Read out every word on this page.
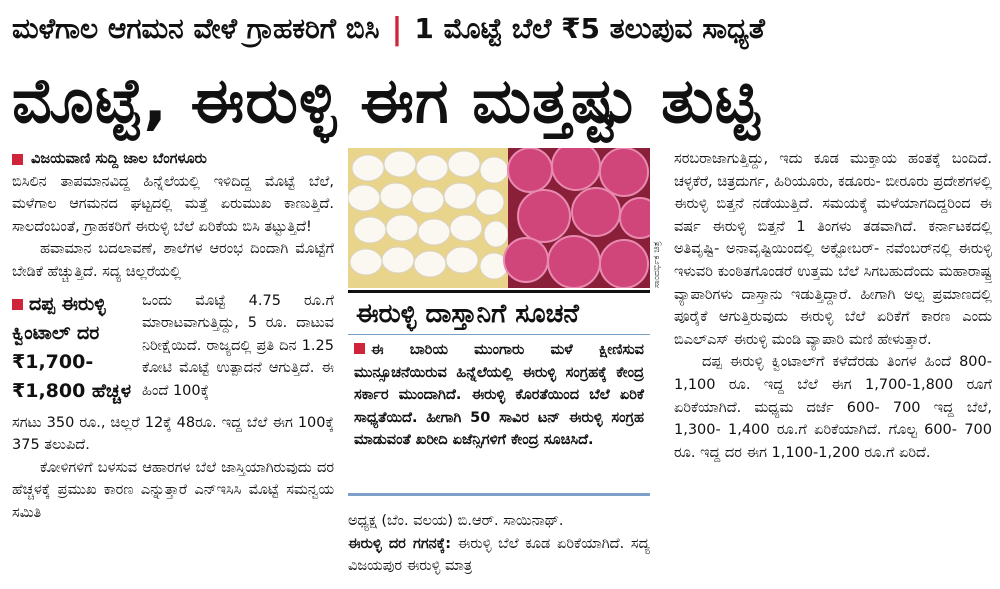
ಮಳೆಗಾಲ ಆಗಮನ ವೇಳೆ ಗ್ರಾಹಕರಿಗೆ ಬಿಸಿ | 1 ಮೊಟ್ಟೆ ಬೆಲೆ ₹5 ತಲುಪುವ ಸಾಧ್ಯತೆ
ಮೊಟ್ಟೆ, ಈರುಳ್ಳಿ ಈಗ ಮತ್ತಷ್ಟು ತುಟ್ಟಿ
ವಿಜಯವಾಣಿ ಸುದ್ದಿ ಜಾಲ ಬೆಂಗಳೂರು

ಬಿಸಿಲಿನ ತಾಪಮಾನವಿದ್ದ ಹಿನ್ನೆಲೆಯಲ್ಲಿ ಇಳಿದಿದ್ದ ಮೊಟ್ಟೆ ಬೆಲೆ, ಮಳೆಗಾಲ ಆಗಮನದ ಘಟ್ಟದಲ್ಲಿ ಮತ್ತೆ ಏರುಮುಖ ಕಾಣುತ್ತಿದೆ. ಸಾಲದೆಂಬಂತೆ, ಗ್ರಾಹಕರಿಗೆ ಈರುಳ್ಳಿ ಬೆಲೆ ಏರಿಕೆಯ ಬಿಸಿ ತಟ್ಟುತ್ತಿದೆ!

ಹವಾಮಾನ ಬದಲಾವಣೆ, ಶಾಲೆಗಳ ಆರಂಭ ದಿಂದಾಗಿ ಮೊಟ್ಟೆಗೆ ಬೇಡಿಕೆ ಹೆಚ್ಚುತ್ತಿದೆ. ಸದ್ಯ ಚಿಲ್ಲರೆಯಲ್ಲಿ

ದಪ್ಪ ಈರುಳ್ಳಿ ಕ್ವಿಂಟಾಲ್ ದರ ₹1,700- ₹1,800 ಹೆಚ್ಚಳ
ಒಂದು ಮೊಟ್ಟೆ 4.75 ರೂ.ಗೆ ಮಾರಾಟವಾಗುತ್ತಿದ್ದು, 5 ರೂ. ದಾಟುವ ನಿರೀಕ್ಷೆಯಿದೆ. ರಾಜ್ಯದಲ್ಲಿ ಪ್ರತಿ ದಿನ 1.25 ಕೋಟಿ ಮೊಟ್ಟೆ ಉತ್ಪಾದನೆ ಆಗುತ್ತಿದೆ. ಈ ಹಿಂದೆ 100ಕ್ಕೆ

ಸಗಟು 350 ರೂ., ಚಿಲ್ಲರೆ 12ಕ್ಕೆ 48ರೂ. ಇದ್ದ ಬೆಲೆ ಈಗ 100ಕ್ಕೆ 375 ತಲುಪಿದೆ.

ಕೋಳಿಗಳಿಗೆ ಬಳಸುವ ಆಹಾರಗಳ ಬೆಲೆ ಜಾಸ್ತಿಯಾಗಿರುವುದು ದರ ಹೆಚ್ಚಳಕ್ಕೆ ಪ್ರಮುಖ ಕಾರಣ ಎನ್ನುತ್ತಾರೆ ಎನ್‌ಇಸಿಸಿ ಮೊಟ್ಟೆ ಸಮನ್ವಯ ಸಮಿತಿ

ಸಾಂದರ್ಭಿಕ ಚಿತ್ರ
ಈರುಳ್ಳಿ ದಾಸ್ತಾನಿಗೆ ಸೂಚನೆ
ಈ ಬಾರಿಯ ಮುಂಗಾರು ಮಳೆ ಕ್ಷೀಣಿಸುವ ಮುನ್ಸೂಚನೆಯಿರುವ ಹಿನ್ನೆಲೆಯಲ್ಲಿ ಈರುಳ್ಳಿ ಸಂಗ್ರಹಕ್ಕೆ ಕೇಂದ್ರ ಸರ್ಕಾರ ಮುಂದಾಗಿದೆ. ಈರುಳ್ಳಿ ಕೊರತೆಯಿಂದ ಬೆಲೆ ಏರಿಕೆ ಸಾಧ್ಯತೆಯಿದೆ. ಹೀಗಾಗಿ 50 ಸಾವಿರ ಟನ್ ಈರುಳ್ಳಿ ಸಂಗ್ರಹ ಮಾಡುವಂತೆ ಖರೀದಿ ಏಜೆನ್ಸಿಗಳಿಗೆ ಕೇಂದ್ರ ಸೂಚಿಸಿದೆ.

ಅಧ್ಯಕ್ಷ (ಬೆಂ. ವಲಯ) ಬಿ.ಆರ್. ಸಾಯಿನಾಥ್.

ಈರುಳ್ಳಿ ದರ ಗಗನಕ್ಕೆ: ಈರುಳ್ಳಿ ಬೆಲೆ ಕೂಡ ಏರಿಕೆಯಾಗಿದೆ. ಸದ್ಯ ವಿಜಯಪುರ ಈರುಳ್ಳಿ ಮಾತ್ರ

ಸರಬರಾಜಾಗುತ್ತಿದ್ದು, ಇದು ಕೂಡ ಮುಕ್ತಾಯ ಹಂತಕ್ಕೆ ಬಂದಿದೆ. ಚಳ್ಳಕೆರೆ, ಚಿತ್ರದುರ್ಗ, ಹಿರಿಯೂರು, ಕಡೂರು- ಬೀರೂರು ಪ್ರದೇಶಗಳಲ್ಲಿ ಈರುಳ್ಳಿ ಬಿತ್ತನೆ ನಡೆಯುತ್ತಿದೆ. ಸಮಯಕ್ಕೆ ಮಳೆಯಾಗದಿದ್ದರಿಂದ ಈ ವರ್ಷ ಈರುಳ್ಳಿ ಬಿತ್ತನೆ 1 ತಿಂಗಳು ತಡವಾಗಿದೆ. ಕರ್ನಾಟಕದಲ್ಲಿ ಅತಿವೃಷ್ಟಿ- ಅನಾವೃಷ್ಟಿಯಿಂದಲ್ಲಿ ಅಕ್ಟೋಬರ್- ನವೆಂಬರ್‌ನಲ್ಲಿ ಈರುಳ್ಳಿ ಇಳುವರಿ ಕುಂಠಿತಗೊಂಡರೆ ಉತ್ತಮ ಬೆಲೆ ಸಿಗಬಹುದೆಂದು ಮಹಾರಾಷ್ಟ್ರ ವ್ಯಾಪಾರಿಗಳು ದಾಸ್ತಾನು ಇಡುತ್ತಿದ್ದಾರೆ. ಹೀಗಾಗಿ ಅಲ್ಪ ಪ್ರಮಾಣದಲ್ಲಿ ಪೂರೈಕೆ ಆಗುತ್ತಿರುವುದು ಈರುಳ್ಳಿ ಬೆಲೆ ಏರಿಕೆಗೆ ಕಾರಣ ಎಂದು ಬಿಎಲ್‌ಎಸ್ ಈರುಳ್ಳಿ ಮಂಡಿ ವ್ಯಾಪಾರಿ ಮಣಿ ಹೇಳುತ್ತಾರೆ.

ದಪ್ಪ ಈರುಳ್ಳಿ ಕ್ವಿಂಟಾಲ್‌ಗೆ ಕಳೆದೆರಡು ತಿಂಗಳ ಹಿಂದೆ 800- 1,100 ರೂ. ಇದ್ದ ಬೆಲೆ ಈಗ 1,700-1,800 ರೂಗೆ ಏರಿಕೆಯಾಗಿದೆ. ಮಧ್ಯಮ ದರ್ಜೆ 600- 700 ಇದ್ದ ಬೆಲೆ, 1,300- 1,400 ರೂ.ಗೆ ಏರಿಕೆಯಾಗಿದೆ. ಗೊಲ್ಟ 600- 700 ರೂ. ಇದ್ದ ದರ ಈಗ 1,100-1,200 ರೂ.ಗೆ ಏರಿದೆ.
